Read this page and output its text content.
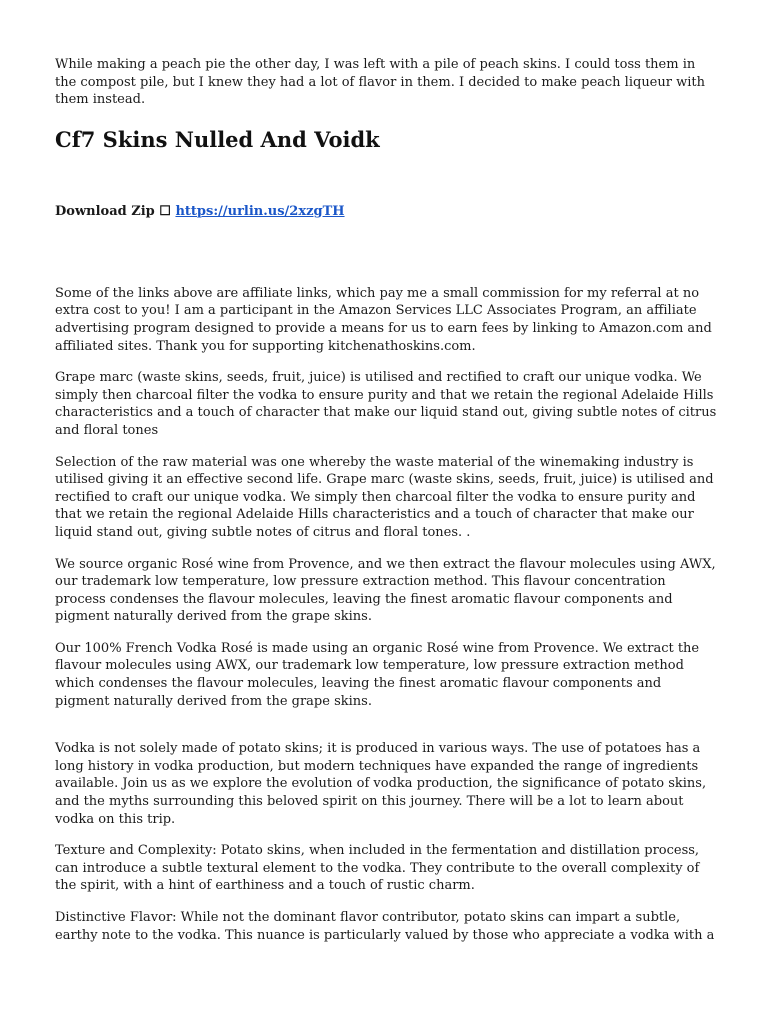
While making a peach pie the other day, I was left with a pile of peach skins. I could toss them in the compost pile, but I knew they had a lot of flavor in them. I decided to make peach liqueur with them instead.

Cf7 Skins Nulled And Voidk
Download Zip ☐ https://urlin.us/2xzgTH

Some of the links above are affiliate links, which pay me a small commission for my referral at no extra cost to you! I am a participant in the Amazon Services LLC Associates Program, an affiliate advertising program designed to provide a means for us to earn fees by linking to Amazon.com and affiliated sites. Thank you for supporting kitchenathoskins.com.

Grape marc (waste skins, seeds, fruit, juice) is utilised and rectified to craft our unique vodka. We simply then charcoal filter the vodka to ensure purity and that we retain the regional Adelaide Hills characteristics and a touch of character that make our liquid stand out, giving subtle notes of citrus and floral tones

Selection of the raw material was one whereby the waste material of the winemaking industry is utilised giving it an effective second life. Grape marc (waste skins, seeds, fruit, juice) is utilised and rectified to craft our unique vodka. We simply then charcoal filter the vodka to ensure purity and that we retain the regional Adelaide Hills characteristics and a touch of character that make our liquid stand out, giving subtle notes of citrus and floral tones. .

We source organic Rosé wine from Provence, and we then extract the flavour molecules using AWX, our trademark low temperature, low pressure extraction method. This flavour concentration process condenses the flavour molecules, leaving the finest aromatic flavour components and pigment naturally derived from the grape skins.

Our 100% French Vodka Rosé is made using an organic Rosé wine from Provence. We extract the flavour molecules using AWX, our trademark low temperature, low pressure extraction method which condenses the flavour molecules, leaving the finest aromatic flavour components and pigment naturally derived from the grape skins.

Vodka is not solely made of potato skins; it is produced in various ways. The use of potatoes has a long history in vodka production, but modern techniques have expanded the range of ingredients available. Join us as we explore the evolution of vodka production, the significance of potato skins, and the myths surrounding this beloved spirit on this journey. There will be a lot to learn about vodka on this trip.

Texture and Complexity: Potato skins, when included in the fermentation and distillation process, can introduce a subtle textural element to the vodka. They contribute to the overall complexity of the spirit, with a hint of earthiness and a touch of rustic charm.

Distinctive Flavor: While not the dominant flavor contributor, potato skins can impart a subtle, earthy note to the vodka. This nuance is particularly valued by those who appreciate a vodka with a
